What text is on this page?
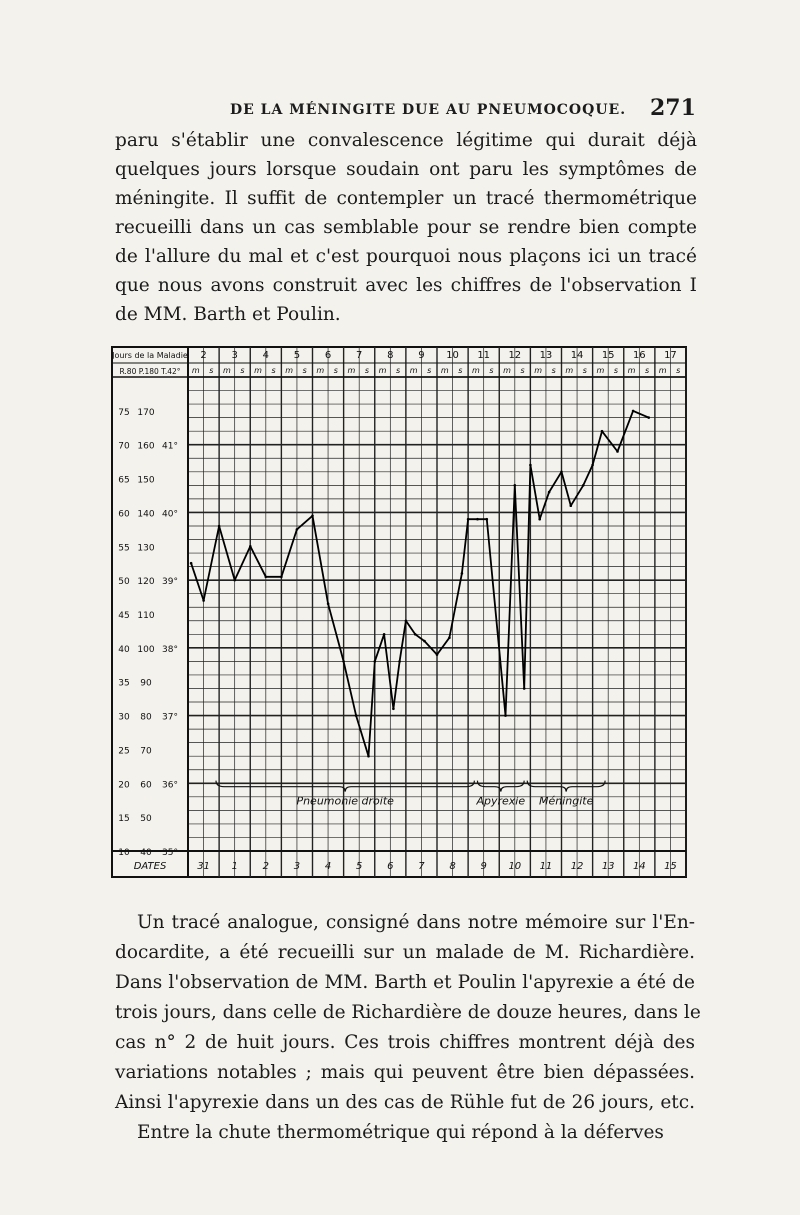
DE LA MÉNINGITE DUE AU PNEUMOCOQUE. 271

paru s'établir une convalescence légitime qui durait déjà
quelques jours lorsque soudain ont paru les symptômes de
méningite. Il suffit de contempler un tracé thermométrique
recueilli dans un cas semblable pour se rendre bien compte
de l'allure du mal et c'est pourquoi nous plaçons ici un tracé
que nous avons construit avec les chiffres de l'observation I
de MM. Barth et Poulin.

Jours de la Maladie
R.80 P.180 T.42°
2
m s
3
m s
4
m s
5
m s
6
m s
7
m s
8
m s
9
m s
10
m s
11
m s
12
m s
13
m s
14
m s
15
m s
16
m s
17
m s
75 170
70 160 41°
65 150
60 140 40°
55 130
50 120 39°
45 110
40 100 38°
35 90
30 80 37°
25 70
20 60 36°
15 50
10 40 35°
DATES	31 1 2 3 4 5 6 7 8 9 10 11 12 13 14 15
Pneumonie droite	Apyrexie Méningite

Un tracé analogue, consigné dans notre mémoire sur l'En-
docardite, a été recueilli sur un malade de M. Richardière.
Dans l'observation de MM. Barth et Poulin l'apyrexie a été de
trois jours, dans celle de Richardière de douze heures, dans le
cas n° 2 de huit jours. Ces trois chiffres montrent déjà des
variations notables ; mais qui peuvent être bien dépassées.
Ainsi l'apyrexie dans un des cas de Rühle fut de 26 jours, etc.
Entre la chute thermométrique qui répond à la déferves
